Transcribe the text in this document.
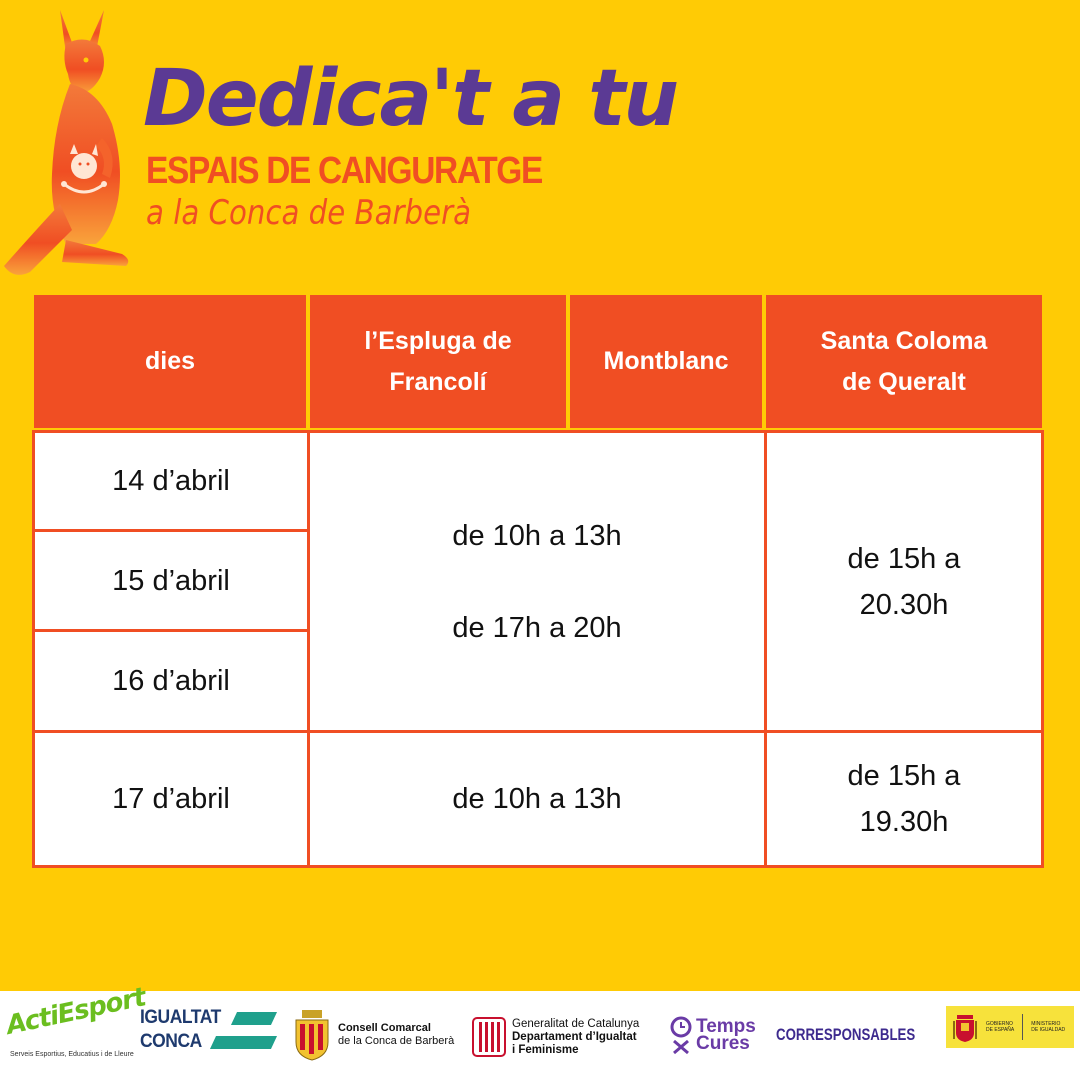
Dedica't a tu
ESPAIS DE CANGURATGE
a la Conca de Barberà
dies
l’Espluga de
Francolí
Montblanc
Santa Coloma
de Queralt
14 d’abril
15 d’abril
16 d’abril
17 d’abril
de 10h a 13h
de 17h a 20h
de 15h a
20.30h
de 10h a 13h
de 15h a
19.30h
ActiEsport
Serveis Esportius, Educatius i de Lleure
IGUALTAT
CONCA
Consell Comarcal
de la Conca de Barberà
Generalitat de Catalunya
Departament d’Igualtat
i Feminisme
Temps
Cures	CORRESPONSABLES
GOBIERNO
DE ESPAÑA
MINISTERIO
DE IGUALDAD
